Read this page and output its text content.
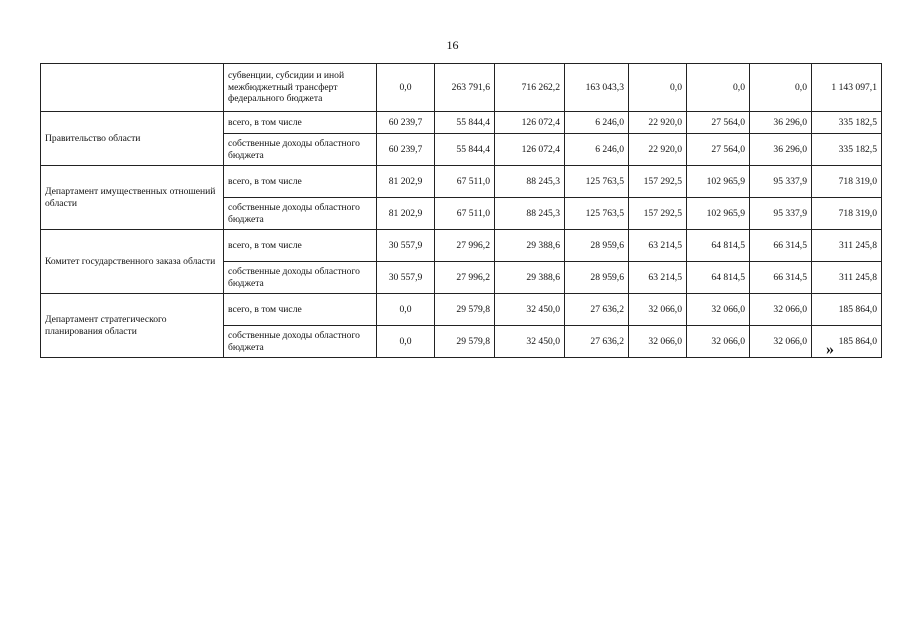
16
	субвенции, субсидии и иной межбюджетный трансферт федерального бюджета	0,0	263 791,6	716 262,2	163 043,3	0,0	0,0	0,0	1 143 097,1
Правительство области	всего, в том числе	60 239,7	55 844,4	126 072,4	6 246,0	22 920,0	27 564,0	36 296,0	335 182,5
	собственные доходы областного бюджета	60 239,7	55 844,4	126 072,4	6 246,0	22 920,0	27 564,0	36 296,0	335 182,5
Департамент имущественных отношений области	всего, в том числе	81 202,9	67 511,0	88 245,3	125 763,5	157 292,5	102 965,9	95 337,9	718 319,0
	собственные доходы областного бюджета	81 202,9	67 511,0	88 245,3	125 763,5	157 292,5	102 965,9	95 337,9	718 319,0
Комитет государственного заказа области	всего, в том числе	30 557,9	27 996,2	29 388,6	28 959,6	63 214,5	64 814,5	66 314,5	311 245,8
	собственные доходы областного бюджета	30 557,9	27 996,2	29 388,6	28 959,6	63 214,5	64 814,5	66 314,5	311 245,8
Департамент стратегического планирования области	всего, в том числе	0,0	29 579,8	32 450,0	27 636,2	32 066,0	32 066,0	32 066,0	185 864,0
	собственные доходы областного бюджета	0,0	29 579,8	32 450,0	27 636,2	32 066,0	32 066,0	32 066,0	185 864,0
»
